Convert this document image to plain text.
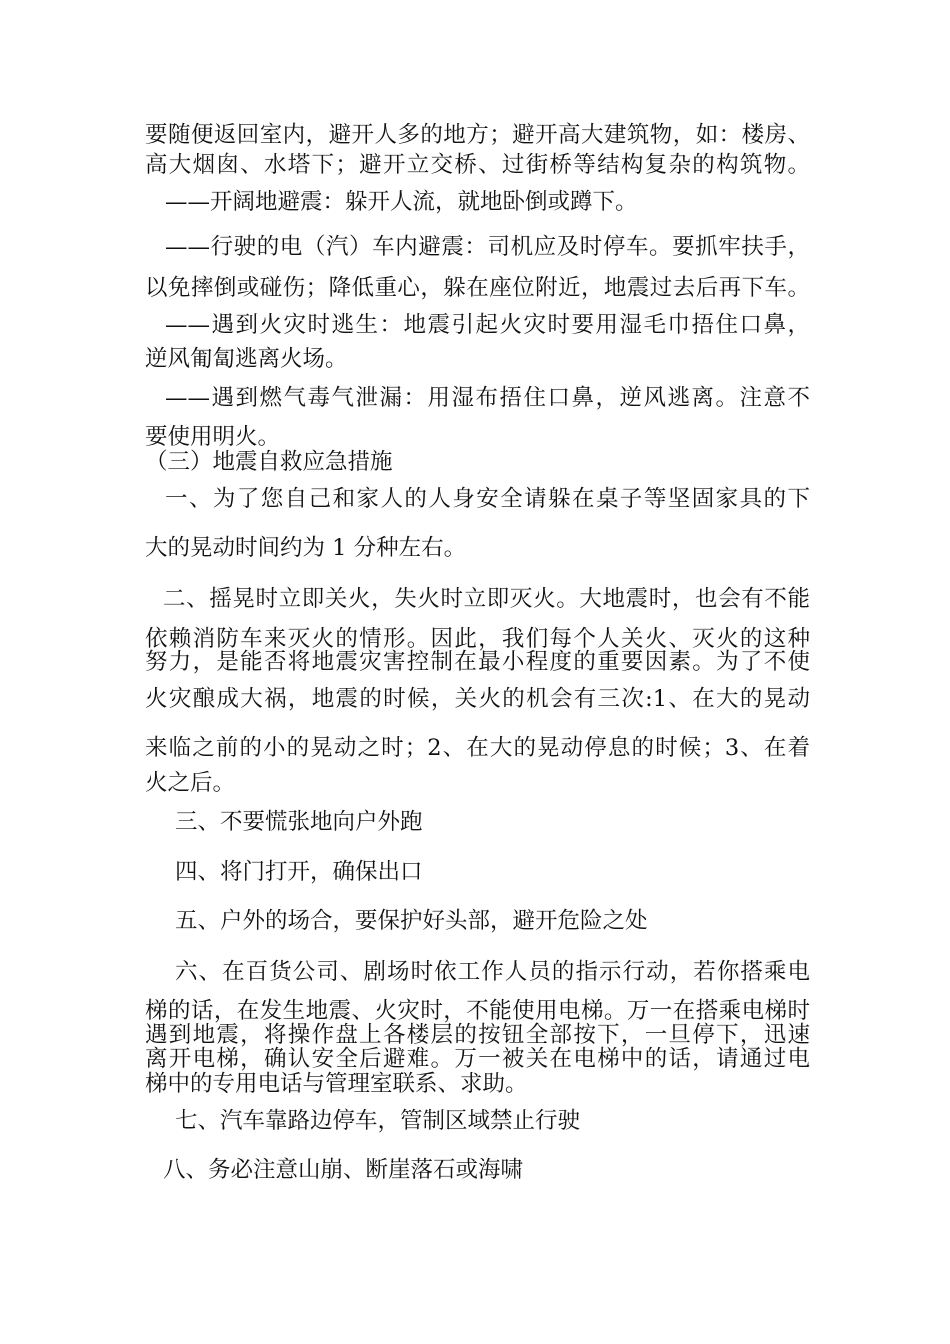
要随便返回室内，避开人多的地方；避开高大建筑物，如：楼房、
高大烟囱、水塔下；避开立交桥、过街桥等结构复杂的构筑物。
——开阔地避震：躲开人流，就地卧倒或蹲下。
——行驶的电（汽）车内避震：司机应及时停车。要抓牢扶手，
以免摔倒或碰伤；降低重心，躲在座位附近，地震过去后再下车。
——遇到火灾时逃生：地震引起火灾时要用湿毛巾捂住口鼻，
逆风匍匐逃离火场。
——遇到燃气毒气泄漏：用湿布捂住口鼻，逆风逃离。注意不
要使用明火。
（三）地震自救应急措施
一、为了您自己和家人的人身安全请躲在桌子等坚固家具的下
大的晃动时间约为 1 分种左右。
二、摇晃时立即关火，失火时立即灭火。大地震时，也会有不能
依赖消防车来灭火的情形。因此，我们每个人关火、灭火的这种
努力，是能否将地震灾害控制在最小程度的重要因素。为了不使
火灾酿成大祸，地震的时候，关火的机会有三次:1、在大的晃动
来临之前的小的晃动之时；2、在大的晃动停息的时候；3、在着
火之后。
三、不要慌张地向户外跑
四、将门打开，确保出口
五、户外的场合，要保护好头部，避开危险之处
六、在百货公司、剧场时依工作人员的指示行动，若你搭乘电
梯的话，在发生地震、火灾时，不能使用电梯。万一在搭乘电梯时
遇到地震，将操作盘上各楼层的按钮全部按下，一旦停下，迅速
离开电梯，确认安全后避难。万一被关在电梯中的话，请通过电
梯中的专用电话与管理室联系、求助。
七、汽车靠路边停车，管制区域禁止行驶
八、务必注意山崩、断崖落石或海啸
